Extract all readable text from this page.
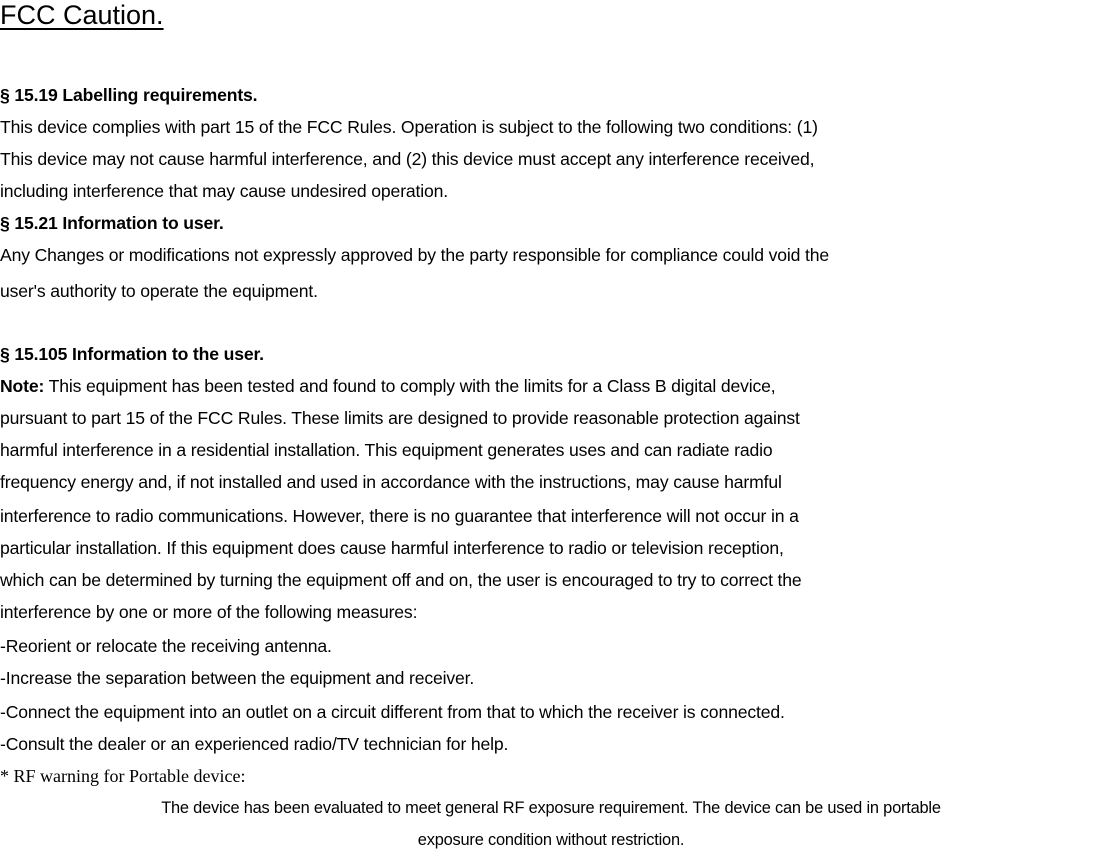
FCC Caution.
§ 15.19 Labelling requirements.
This device complies with part 15 of the FCC Rules. Operation is subject to the following two conditions: (1)
This device may not cause harmful interference, and (2) this device must accept any interference received,
including interference that may cause undesired operation.
§ 15.21 Information to user.
Any Changes or modifications not expressly approved by the party responsible for compliance could void the
user's authority to operate the equipment.
§ 15.105 Information to the user.
Note: This equipment has been tested and found to comply with the limits for a Class B digital device,
pursuant to part 15 of the FCC Rules. These limits are designed to provide reasonable protection against
harmful interference in a residential installation. This equipment generates uses and can radiate radio
frequency energy and, if not installed and used in accordance with the instructions, may cause harmful
interference to radio communications. However, there is no guarantee that interference will not occur in a
particular installation. If this equipment does cause harmful interference to radio or television reception,
which can be determined by turning the equipment off and on, the user is encouraged to try to correct the
interference by one or more of the following measures:
-Reorient or relocate the receiving antenna.
-Increase the separation between the equipment and receiver.
-Connect the equipment into an outlet on a circuit different from that to which the receiver is connected.
-Consult the dealer or an experienced radio/TV technician for help.
* RF warning for Portable device:
The device has been evaluated to meet general RF exposure requirement. The device can be used in portable
exposure condition without restriction.
